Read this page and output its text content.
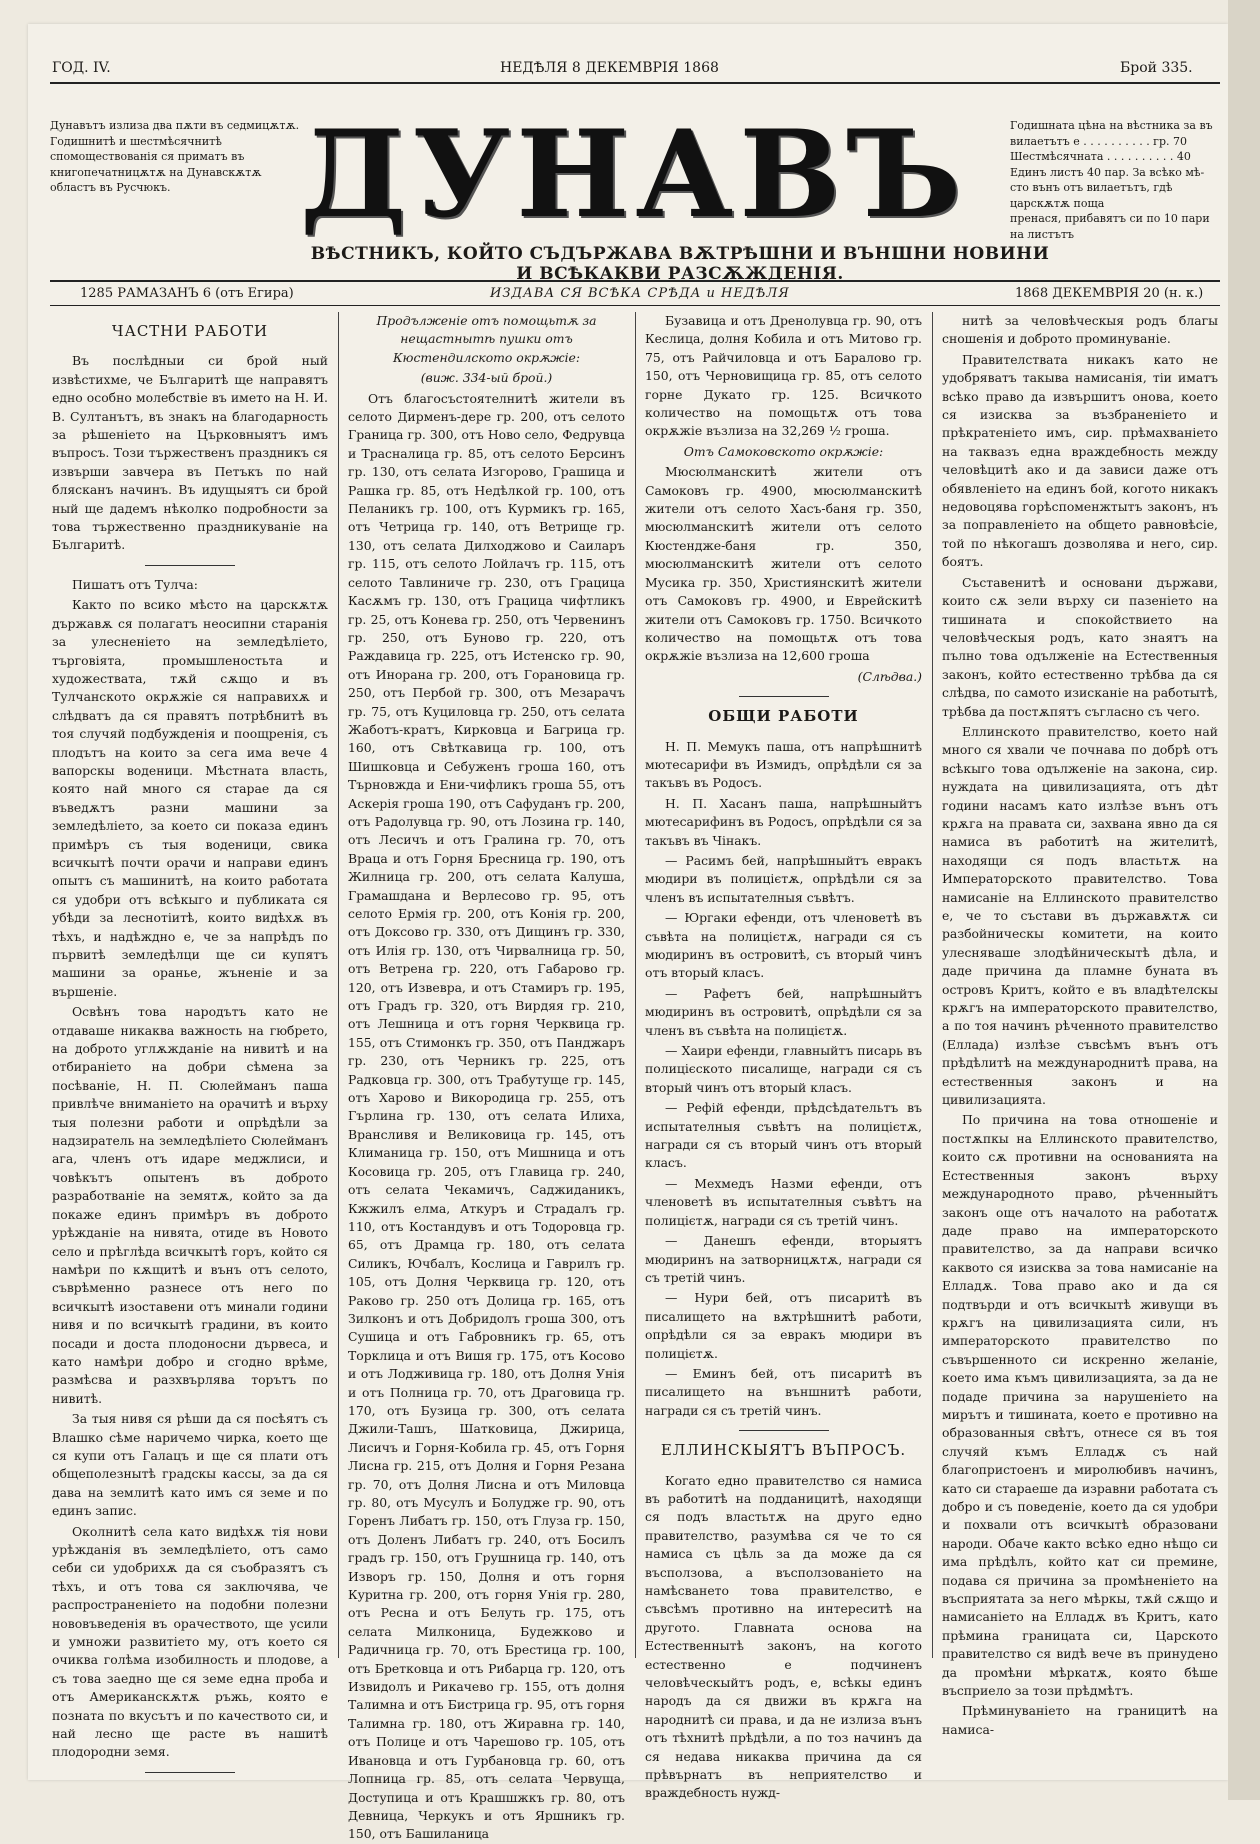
ГОД. IV.	НЕДѢЛЯ 8 ДЕКЕМВРІЯ 1868	Брой 335.
Дунавътъ излиза два пѫти въ седмицѫтѫ. Годишнитѣ и шестмѣсячнитѣ спомоществованія ся приматъ въ книгопечатницѫтѫ на Дунавскѫтѫ областъ въ Русчюкъ.	ДУНАВЪ	Годишната цѣна на вѣстника за въ
вилаетътъ е . . . . . . . . . . гр. 70
Шестмѣсячната . . . . . . . . . . 40
Единъ листъ 40 пар. За всѣко мѣ-
сто вънъ отъ вилаетътъ, гдѣ царскѫтѫ поща
пренася, прибавятъ си по 10 пари на листътъ
ВѢСТНИКЪ, КОЙТО СЪДЪРЖАВА ВѪТРѢШНИ И ВЪНШНИ НОВИНИ И ВСѢКАКВИ РАЗСѪЖДЕНІЯ.
1285 РАМАЗАНЪ 6 (отъ Егира)	ИЗДАВА СЯ ВСѢКА СРѢДА и НЕДѢЛЯ	1868 ДЕКЕМВРІЯ 20 (н. к.)
ЧАСТНИ РАБОТИ

Въ послѣдныи си брой ный извѣстихме, че Българитѣ ще направятъ едно особно молебствіе въ името на Н. И. В. Султанътъ, въ знакъ на благодарность за рѣшеніето на Църковныятъ имъ въпросъ. Този тържественъ праздникъ ся извърши завчера въ Петъкъ по най блясканъ начинъ. Въ идущыятъ си брой ный ще дадемъ нѣколко подробности за това тържественно праздникуваніе на Българитѣ.

Пишатъ отъ Тулча:

Както по всико мѣсто на царскѫтѫ държавѫ ся полагатъ неосипни старанія за улесненіето на земледѣліето, търговіята, промышленостьта и художествата, тѫй сѫщо и въ Тулчанското окрѫжіе ся направихѫ и слѣдватъ да ся правятъ потрѣбнитѣ въ тоя случяй подбужденія и поощренія, съ плодътъ на които за сега има вече 4 вапорскы воденици. Мѣстната власть, която най много ся старае да ся въведѫтъ разни машини за земледѣліето, за което си показа единъ примѣръ съ тыя воденици, свика всичкытѣ почти орачи и направи единъ опытъ съ машинитѣ, на които работата ся удобри отъ всѣкыго и публиката ся убѣди за леснотіитѣ, които видѣхѫ въ тѣхъ, и надѣждно е, че за напрѣдъ по първитѣ земледѣлци ще си купятъ машини за оранье, жъненіе и за вършеніе.

Освѣнъ това народътъ като не отдаваше никаква важность на гюбрето, на доброто углѫжданіе на нивитѣ и на отбираніето на добри сѣмена за посѣваніе, Н. П. Сюлейманъ паша привлѣче вниманіето на орачитѣ и върху тыя полезни работи и опрѣдѣли за надзиратель на земледѣліето Сюлейманъ ага, членъ отъ идаре меджлиси, и човѣкътъ опытенъ въ доброто разработваніе на земятѫ, който за да покаже единъ примѣръ въ доброто урѣжданіе на нивята, отиде въ Новото село и прѣглѣда всичкытѣ горъ, който ся намѣри по кѫщитѣ и вънъ отъ селото, съврѣменно разнесе отъ него по всичкытѣ изоставени отъ минали години нивя и по всичкытѣ градини, въ които посади и доста плодоносни дървеса, и като намѣри добро и сгодно врѣме, размѣсва и разхвърлява торътъ по нивитѣ.

За тыя нивя ся рѣши да ся посѣятъ съ Влашко сѣме наричемо чирка, което ще ся купи отъ Галацъ и ще ся плати отъ общеполезнытѣ градскы кассы, за да ся дава на землитѣ като имъ ся земе и по единъ запис.

Околнитѣ села като видѣхѫ тія нови урѣжданія въ земледѣліето, отъ само себи си удобрихѫ да ся съобразятъ съ тѣхъ, и отъ това ся заключява, че распространеніето на подобни полезни нововъведенія въ орачеството, ще усили и умножи развитіето му, отъ което ся очиква голѣма изобилность и плодове, а съ това заедно ще ся земе една проба и отъ Американскѫтѫ ръжь, която е позната по вкусътъ и по качеството си, и най лесно ще расте въ нашитѣ плодородни земя.

Продълженіе отъ помощьтѫ за нещастнытѣ пушки отъ Кюстендилското окрѫжіе:

(виж. 334-ый брой.)

Отъ благосъстоятелнитѣ жители въ селото Дирменъ-дере гр. 200, отъ селото Граница гр. 300, отъ Ново село, Федрувца и Трасналица гр. 85, отъ селото Берсинъ гр. 130, отъ селата Изгорово, Грашица и Рашка гр. 85, отъ Недѣлкой гр. 100, отъ Пеланикъ гр. 100, отъ Курмикъ гр. 165, отъ Четрица гр. 140, отъ Ветрище гр. 130, отъ селата Дилходжово и Саиларъ гр. 115, отъ селото Лойлачъ гр. 115, отъ селото Тавлиниче гр. 230, отъ Грацица Касѫмъ гр. 130, отъ Грацица чифтликъ гр. 25, отъ Конева гр. 250, отъ Червенинъ гр. 250, отъ Буново гр. 220, отъ Раждавица гр. 225, отъ Истенско гр. 90, отъ Инорана гр. 200, отъ Горановица гр. 250, отъ Пербой гр. 300, отъ Мезарачъ гр. 75, отъ Куциловца гр. 250, отъ селата Жаботъ-кратъ, Кирковца и Багрица гр. 160, отъ Свѣткавица гр. 100, отъ Шишковца и Себуженъ гроша 160, отъ Търновжда и Ени-чифликъ гроша 55, отъ Аскерія гроша 190, отъ Сафуданъ гр. 200, отъ Радолувца гр. 90, отъ Лозина гр. 140, отъ Лесичъ и отъ Гралина гр. 70, отъ Враца и отъ Горня Бресница гр. 190, отъ Жилница гр. 200, отъ селата Калуша, Грамашдана и Верлесово гр. 95, отъ селото Ермія гр. 200, отъ Конія гр. 200, отъ Доксово гр. 330, отъ Дищинъ гр. 330, отъ Илія гр. 130, отъ Чирвалница гр. 50, отъ Ветрена гр. 220, отъ Габарово гр. 120, отъ Извевра, и отъ Стамиръ гр. 195, отъ Градъ гр. 320, отъ Вирдяя гр. 210, отъ Лешница и отъ горня Черквица гр. 155, отъ Стимонкъ гр. 350, отъ Панджаръ гр. 230, отъ Черникъ гр. 225, отъ Радковца гр. 300, отъ Трабутуще гр. 145, отъ Харово и Викородица гр. 255, отъ Гърлина гр. 130, отъ селата Илиха, Врансливя и Великовица гр. 145, отъ Климаница гр. 150, отъ Мишница и отъ Косовица гр. 205, отъ Главица гр. 240, отъ селата Чекамичъ, Саджиданикъ, Кжжилъ елма, Аткуръ и Страдалъ гр. 110, отъ Костандувъ и отъ Тодоровца гр. 65, отъ Драмца гр. 180, отъ селата Силикъ, Ючбалъ, Кослица и Гаврилъ гр. 105, отъ Долня Черквица гр. 120, отъ Раково гр. 250 отъ Долица гр. 165, отъ Зилконъ и отъ Добридолъ гроша 300, отъ Сушица и отъ Габровникъ гр. 65, отъ Торклица и отъ Вишя гр. 175, отъ Косово и отъ Лодживица гр. 180, отъ Долня Унія и отъ Полница гр. 70, отъ Драговица гр. 170, отъ Бузица гр. 300, отъ селата Джили-Ташъ, Шатковица, Джирица, Лисичъ и Горня-Кобила гр. 45, отъ Горня Лисна гр. 215, отъ Долня и Горня Резана гр. 70, отъ Долня Лисна и отъ Миловца гр. 80, отъ Мусулъ и Болудже гр. 90, отъ Горенъ Либатъ гр. 150, отъ Глуза гр. 150, отъ Доленъ Либатъ гр. 240, отъ Босилъ градъ гр. 150, отъ Грушница гр. 140, отъ Изворъ гр. 150, Долня и отъ горня Куритна гр. 200, отъ горня Унія гр. 280, отъ Ресна и отъ Белуть гр. 175, отъ селата Милконица, Будежково и Радичница гр. 70, отъ Брестица гр. 100, отъ Бретковца и отъ Рибарца гр. 120, отъ Извидолъ и Рикачево гр. 155, отъ долня Талимна и отъ Бистрица гр. 95, отъ горня Талимна гр. 180, отъ Жиравна гр. 140, отъ Полице и отъ Чарешово гр. 105, отъ Ивановца и отъ Гурбановца гр. 60, отъ Лопница гр. 85, отъ селата Червуща, Доступица и отъ Крашшжкъ гр. 80, отъ Девница, Черкукъ и отъ Яршникъ гр. 150, отъ Башиланица

Бузавица и отъ Дренолувца гр. 90, отъ Кеслица, долня Кобила и отъ Митово гр. 75, отъ Райчиловца и отъ Баралово гр. 150, отъ Черновищица гр. 85, отъ селото горне Дукато гр. 125. Всичкото количество на помощьтѫ отъ това окрѫжіе възлиза на 32,269 ½ гроша.

Отъ Самоковското окрѫжіе:

Мюсюлманскитѣ жители отъ Самоковъ гр. 4900, мюсюлманскитѣ жители отъ селото Хасъ-баня гр. 350, мюсюлманскитѣ жители отъ селото Кюстендже-баня гр. 350, мюсюлманскитѣ жители отъ селото Мусика гр. 350, Християнскитѣ жители отъ Самоковъ гр. 4900, и Еврейскитѣ жители отъ Самоковъ гр. 1750. Всичкото количество на помощьтѫ отъ това окрѫжіе възлиза на 12,600 гроша

(Слѣдва.)

ОБЩИ РАБОТИ

Н. П. Мемукъ паша, отъ напрѣшнитѣ мютесарифи въ Измидъ, опрѣдѣли ся за такъвъ въ Родосъ.

Н. П. Хасанъ паша, напрѣшныйтъ мютесарифинъ въ Родосъ, опрѣдѣли ся за такъвъ въ Чінакъ.

— Расимъ бей, напрѣшныйтъ евракъ мюдири въ полицієтѫ, опрѣдѣли ся за членъ въ испытателныя съвѣтъ.

— Юргаки ефенди, отъ членоветѣ въ съвѣта на полицієтѫ, награди ся съ мюдиринъ въ островитѣ, съ вторый чинъ отъ вторый класъ.

— Рафетъ бей, напрѣшныйтъ мюдиринъ въ островитѣ, опрѣдѣли ся за членъ въ съвѣта на полицієтѫ.

— Хаири ефенди, главныйтъ писарь въ полицієското писалище, награди ся съ вторый чинъ отъ вторый класъ.

— Рефій ефенди, прѣдсѣдательтъ въ испытателныя съвѣтъ на полицієтѫ, награди ся съ вторый чинъ отъ вторый класъ.

— Мехмедъ Назми ефенди, отъ членоветѣ въ испытателныя съвѣтъ на полицієтѫ, награди ся съ третій чинъ.

— Данешъ ефенди, вторыятъ мюдиринъ на затворницѫтѫ, награди ся съ третій чинъ.

— Нури бей, отъ писаритѣ въ писалището на вѫтрѣшнитѣ работи, опрѣдѣли ся за евракъ мюдири въ полицієтѫ.

— Еминъ бей, отъ писаритѣ въ писалището на външнитѣ работи, награди ся съ третій чинъ.

ЕЛЛИНСКЫЯТЪ ВЪПРОСЪ.

Когато едно правителство ся намиса въ работитѣ на подданицитѣ, находящи ся подъ властьтѫ на другo едно правителство, разумѣва ся че то ся намиса съ цѣль за да може да ся въсползова, а въсползованіето на намѣсването това правителство, е съвсѣмъ противно на интереситѣ на другото. Главната основа на Естественнытѣ законъ, на когото естественно е подчиненъ человѣческыйтъ родъ, е, всѣкы единъ народъ да ся движи въ крѫга на народнитѣ си права, и да не излиза вънъ отъ тѣхнитѣ прѣдѣли, а по тоз начинъ да ся недава никаква причина да ся прѣвърнатъ въ неприятелство и враждебность нужд-

нитѣ за человѣческыя родъ благы сношенія и доброто проминуваніе.

Правителствата никакъ като не удобряватъ такыва намисанія, тіи иматъ всѣко право да извършитъ онова, което ся изисква за възбраненіето и прѣкратеніето имъ, сир. прѣмахваніето на таквазъ една враждебность между человѣцитѣ ако и да зависи даже отъ обявленіето на единъ бой, когото никакъ недовоцява горѣспоменжтытъ законъ, нъ за поправленіето на общето равновѣсіе, той по нѣкогашъ дозволява и него, сир. боятъ.

Съставенитѣ и основани държави, които сѫ зели върху си пазеніето на тишината и спокойствието на человѣческыя родъ, като знаятъ на пълно това одълженіе на Естественныя законъ, който естественно трѣбва да ся слѣдва, по самото изисканіе на работытѣ, трѣбва да постѫпятъ съгласно съ чего.

Еллинското правителство, което най много ся хвали че почнава по добрѣ отъ всѣкыго това одълженіе на закона, сир. нуждата на цивилизацията, отъ дѣт години насамъ като излѣзе вънъ отъ крѫга на правата си, захвана явно да ся намиса въ работитѣ на жителитѣ, находящи ся подъ властьтѫ на Императорското правителство. Това намисаніе на Еллинското правителство е, че то състави въ държавѫтѫ си разбойническы комитети, на които улесняваше злодѣйническытѣ дѣла, и даде причина да пламне буната въ островъ Критъ, който е въ владѣтелскы крѫгъ на императорското правителство, а по тоя начинъ рѣченното правителство (Еллада) излѣзе съвсѣмъ вънъ отъ прѣдѣлитѣ на международнитѣ права, на естественныя законъ и на цивилизацията.

По причина на това отношеніе и постѫпкы на Еллинското правителство, които сѫ противни на основанията на Естественныя законъ върху международното право, рѣченныйтъ законъ още отъ началото на работатѫ даде право на императорското правителство, за да направи всичко каквото ся изисква за това намисаніе на Елладѫ. Това право ако и да ся подтвърди и отъ всичкытѣ живущи въ крѫгъ на цивилизацията сили, нъ императорското правителство по съвършенното си искренно желаніе, което има къмъ цивилизацията, за да не подаде причина за нарушеніето на мирътъ и тишината, което е противно на образованныя свѣтъ, отнесе ся въ тоя случяй къмъ Елладѫ съ най благопристоенъ и миролюбивъ начинъ, като си стараеше да изравни работата съ добро и съ поведеніе, което да ся удобри и похвали отъ всичкытѣ образовани народи. Обаче както всѣко едно нѣщо си има прѣдѣлъ, който кат си премине, подава ся причина за промѣненіето на въсприятата за него мѣркы, тѫй сѫщо и намисаніето на Елладѫ въ Критъ, като прѣмина границата си, Царското правителство ся видѣ вече въ принудено да промѣни мѣркатѫ, която бѣше въсприело за този прѣдмѣтъ.

Прѣминуваніето на границитѣ на намиса-
